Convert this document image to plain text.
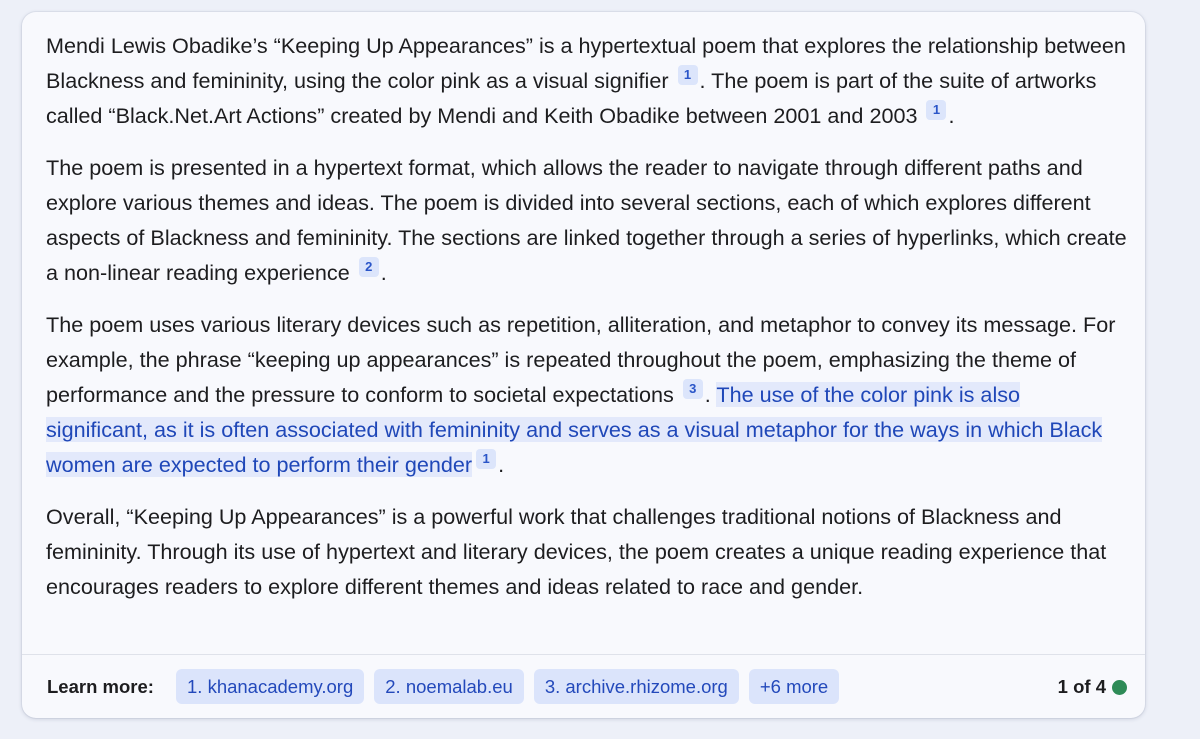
Mendi Lewis Obadike’s “Keeping Up Appearances” is a hypertextual poem that explores the relationship between Blackness and femininity, using the color pink as a visual signifier 1 . The poem is part of the suite of artworks called “Black.Net.Art Actions” created by Mendi and Keith Obadike between 2001 and 2003 1 .

The poem is presented in a hypertext format, which allows the reader to navigate through different paths and explore various themes and ideas. The poem is divided into several sections, each of which explores different aspects of Blackness and femininity. The sections are linked together through a series of hyperlinks, which create a non-linear reading experience 2 .

The poem uses various literary devices such as repetition, alliteration, and metaphor to convey its message. For example, the phrase “keeping up appearances” is repeated throughout the poem, emphasizing the theme of performance and the pressure to conform to societal expectations 3 . The use of the color pink is also significant, as it is often associated with femininity and serves as a visual metaphor for the ways in which Black women are expected to perform their gender 1 .

Overall, “Keeping Up Appearances” is a powerful work that challenges traditional notions of Blackness and femininity. Through its use of hypertext and literary devices, the poem creates a unique reading experience that encourages readers to explore different themes and ideas related to race and gender.

Learn more:	1. khanacademy.org	2. noemalab.eu	3. archive.rhizome.org	+6 more	1 of 4
